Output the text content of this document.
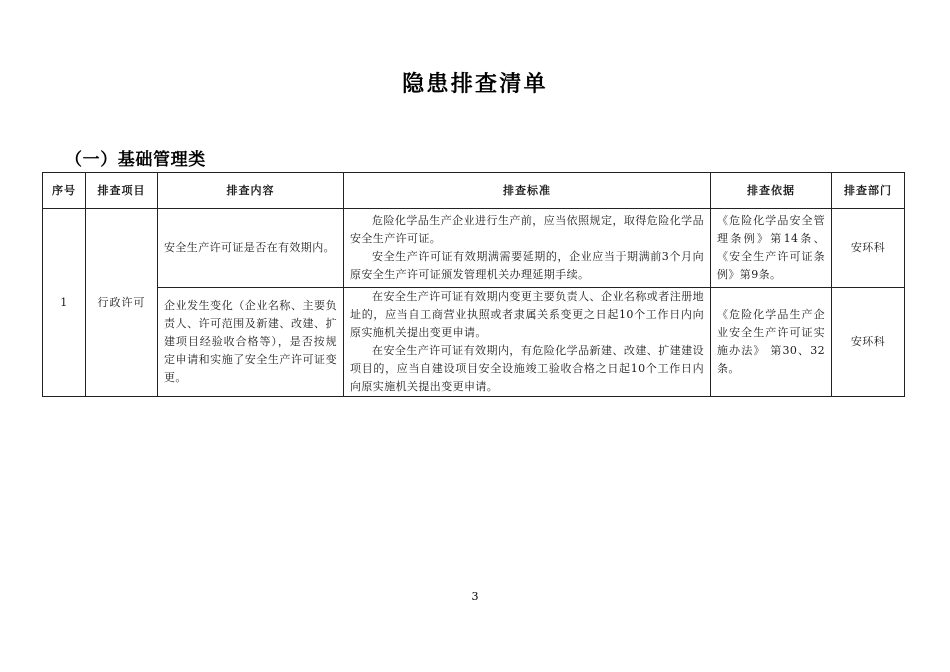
隐患排查清单
（一）基础管理类
序号	排查项目	排查内容	排查标准	排查依据	排查部门
1	行政许可	安全生产许可证是否在有效期内。	危险化学品生产企业进行生产前，应当依照规定，取得危险化学品安全生产许可证。

安全生产许可证有效期满需要延期的，企业应当于期满前3个月向原安全生产许可证颁发管理机关办理延期手续。	《危险化学品安全管理条例》第14条、《安全生产许可证条例》第9条。	安环科
		企业发生变化（企业名称、主要负责人、许可范围及新建、改建、扩建项目经验收合格等），是否按规定申请和实施了安全生产许可证变更。	在安全生产许可证有效期内变更主要负责人、企业名称或者注册地址的，应当自工商营业执照或者隶属关系变更之日起10个工作日内向原实施机关提出变更申请。

在安全生产许可证有效期内，有危险化学品新建、改建、扩建建设项目的，应当自建设项目安全设施竣工验收合格之日起10个工作日内向原实施机关提出变更申请。	《危险化学品生产企业安全生产许可证实施办法》 第30、32条。	安环科
3
